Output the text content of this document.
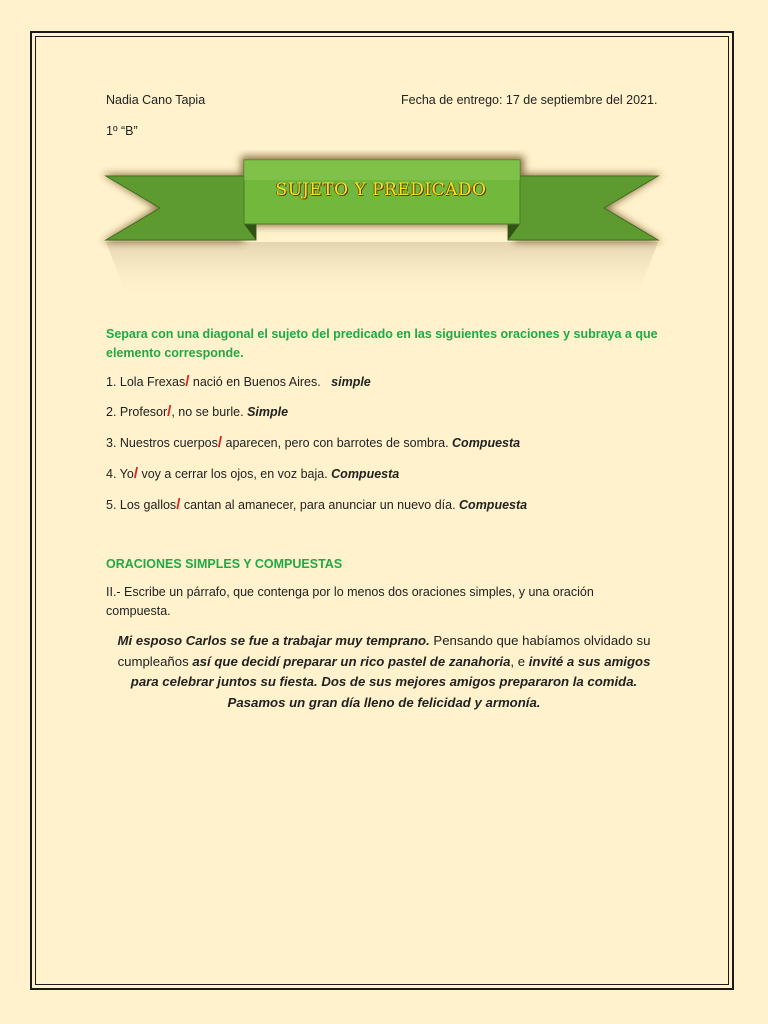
Nadia Cano Tapia	Fecha de entrego: 17 de septiembre del 2021.
1º “B”
SUJETO Y PREDICADO
Separa con una diagonal el sujeto del predicado en las siguientes oraciones y subraya a que
elemento corresponde.
1. Lola Frexas/ nació en Buenos Aires.   simple
2. Profesor/, no se burle. Simple
3. Nuestros cuerpos/ aparecen, pero con barrotes de sombra. Compuesta
4. Yo/ voy a cerrar los ojos, en voz baja. Compuesta
5. Los gallos/ cantan al amanecer, para anunciar un nuevo día. Compuesta
ORACIONES SIMPLES Y COMPUESTAS
II.- Escribe un párrafo, que contenga por lo menos dos oraciones simples, y una oración
compuesta.
Mi esposo Carlos se fue a trabajar muy temprano. Pensando que habíamos olvidado su cumpleaños así que decidí preparar un rico pastel de zanahoria, e invité a sus amigos para celebrar juntos su fiesta. Dos de sus mejores amigos prepararon la comida. Pasamos un gran día lleno de felicidad y armonía.
